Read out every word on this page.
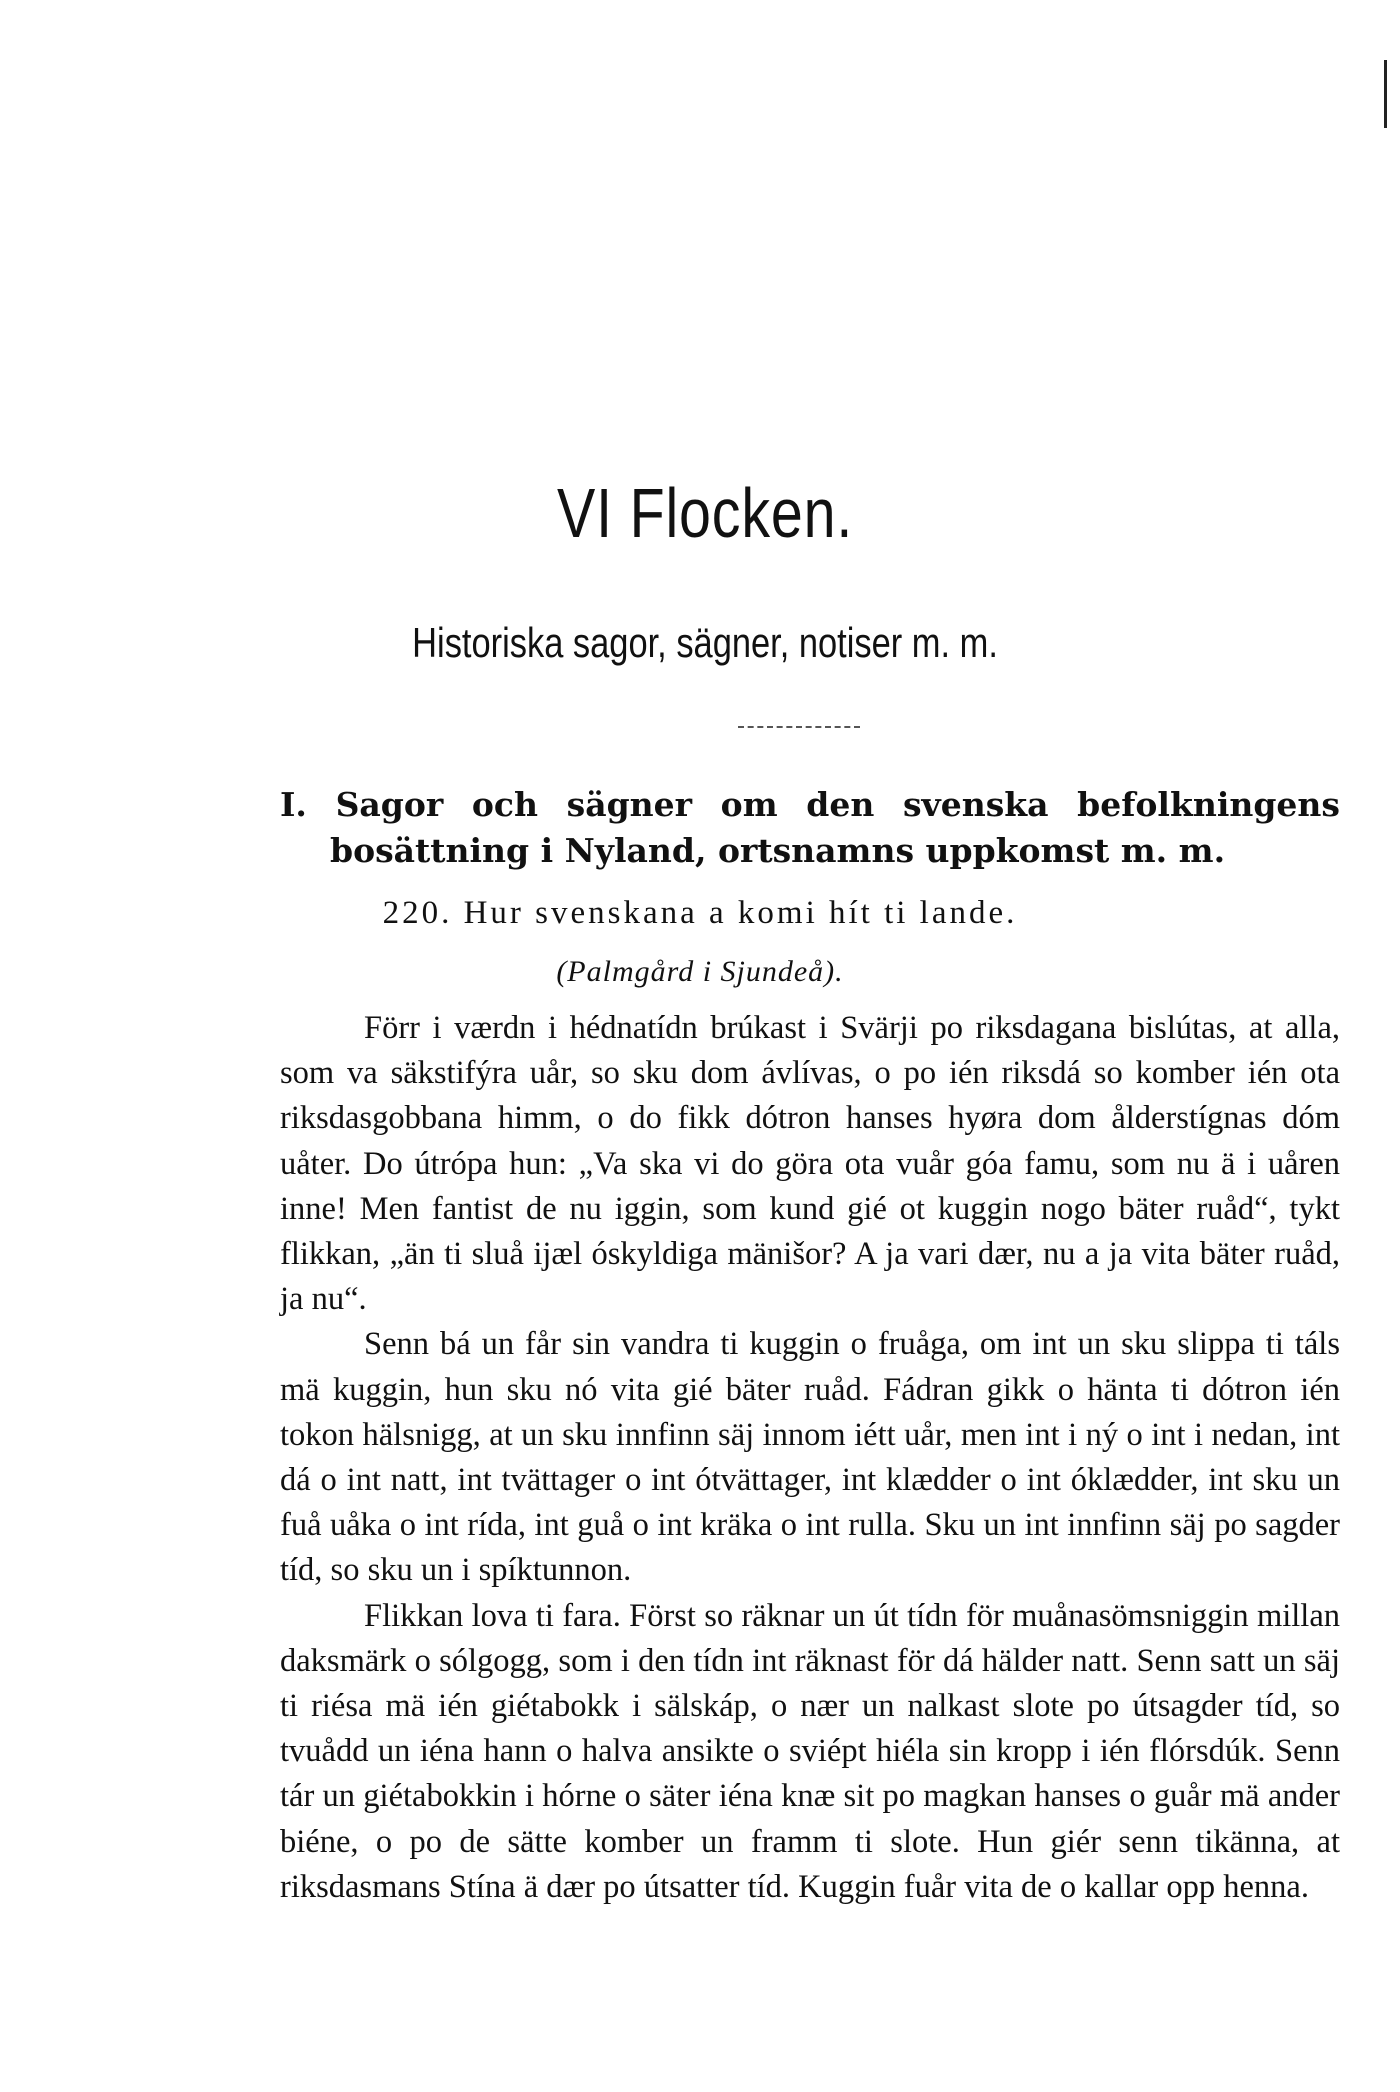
VI Flocken.
Historiska sagor, sägner, notiser m. m.
I. Sagor och sägner om den svenska befolkningens bosättning i Nyland, ortsnamns uppkomst m. m.
220. Hur svenskana a komi hít ti lande.
(Palmgård i Sjundeå).

Förr i værdn i hédnatídn brúkast i Svärji po riksdagana bislútas, at alla, som va säkstifýra uår, so sku dom ávlívas, o po ién riksdá so komber ién ota riksdasgobbana himm, o do fikk dótron hanses hyøra dom ålderstígnas dóm uåter. Do útrópa hun: „Va ska vi do göra ota vuår góa famu, som nu ä i uåren inne! Men fantist de nu iggin, som kund gié ot kuggin nogo bäter ruåd“, tykt flikkan, „än ti sluå ijæl óskyldiga mänišor? A ja vari dær, nu a ja vita bäter ruåd, ja nu“.

Senn bá un får sin vandra ti kuggin o fruåga, om int un sku slippa ti táls mä kuggin, hun sku nó vita gié bäter ruåd. Fádran gikk o hänta ti dótron ién tokon hälsnigg, at un sku innfinn säj innom iétt uår, men int i ný o int i nedan, int dá o int natt, int tvättager o int ótvättager, int klædder o int óklædder, int sku un fuå uåka o int rída, int guå o int kräka o int rulla. Sku un int innfinn säj po sagder tíd, so sku un i spíktunnon.

Flikkan lova ti fara. Först so räknar un út tídn för muånasömsniggin millan daksmärk o sólgogg, som i den tídn int räknast för dá hälder natt. Senn satt un säj ti riésa mä ién giétabokk i sälskáp, o nær un nalkast slote po útsagder tíd, so tvuådd un iéna hann o halva ansikte o sviépt hiéla sin kropp i ién flórsdúk. Senn tár un giétabokkin i hórne o säter iéna knæ sit po magkan hanses o guår mä ander biéne, o po de sätte komber un framm ti slote. Hun giér senn tikänna, at riksdasmans Stína ä dær po útsatter tíd. Kuggin fuår vita de o kallar opp henna.
